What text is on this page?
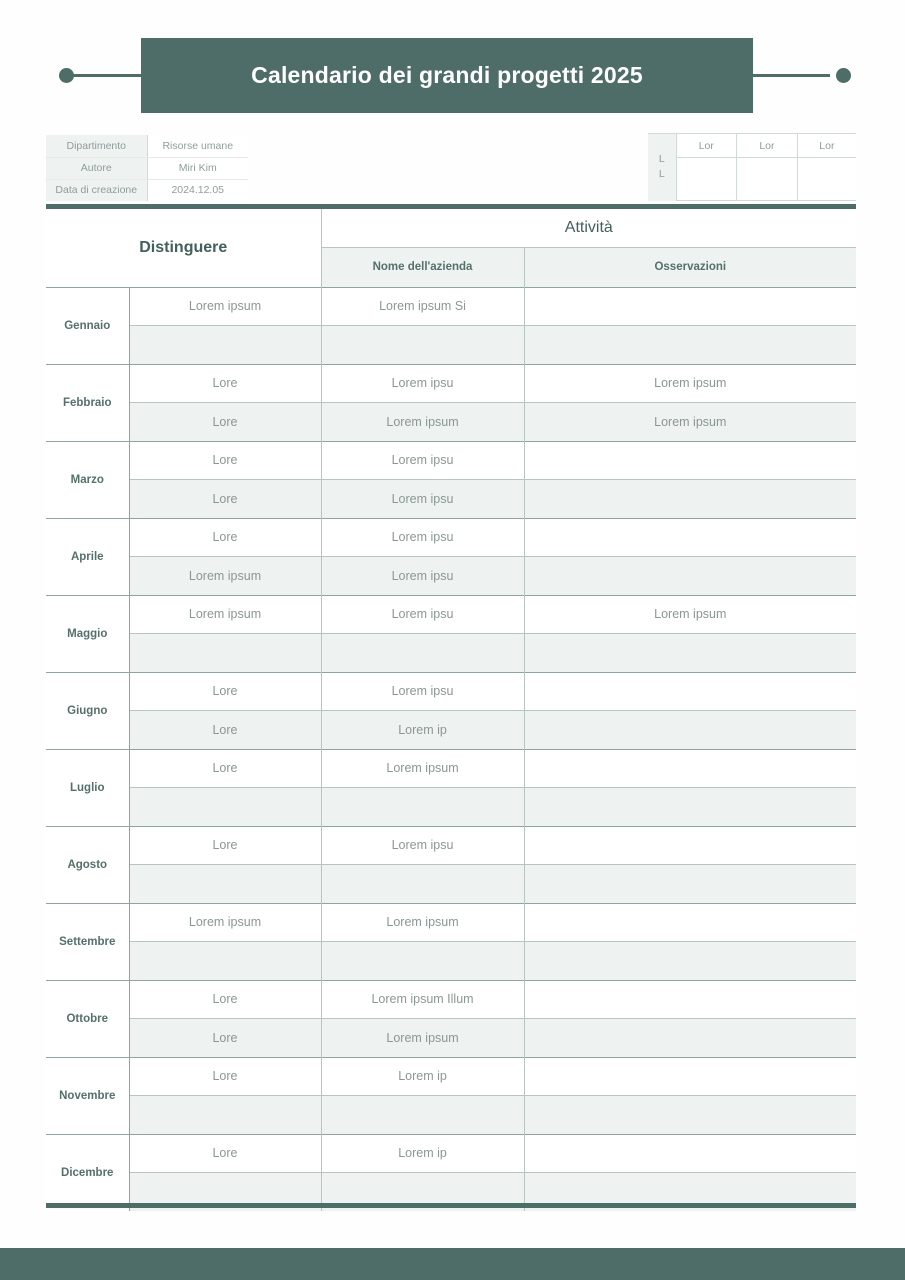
Calendario dei grandi progetti 2025
Dipartimento	Risorse umane
Autore	Miri Kim
Data di creazione	2024.12.05
L
L	Lor	Lor	Lor

Distinguere		Attività	
		Nome dell'azienda	Osservazioni
Gennaio	Lorem ipsum	Lorem ipsum Si	

Febbraio	Lore	Lorem ipsu	Lorem ipsum
	Lore	Lorem ipsum	Lorem ipsum
Marzo	Lore	Lorem ipsu	
	Lore	Lorem ipsu	
Aprile	Lore	Lorem ipsu	
	Lorem ipsum	Lorem ipsu	
Maggio	Lorem ipsum	Lorem ipsu	Lorem ipsum

Giugno	Lore	Lorem ipsu	
	Lore	Lorem ip	
Luglio	Lore	Lorem ipsum	

Agosto	Lore	Lorem ipsu	

Settembre	Lorem ipsum	Lorem ipsum	

Ottobre	Lore	Lorem ipsum Illum	
	Lore	Lorem ipsum	
Novembre	Lore	Lorem ip	

Dicembre	Lore	Lorem ip	
